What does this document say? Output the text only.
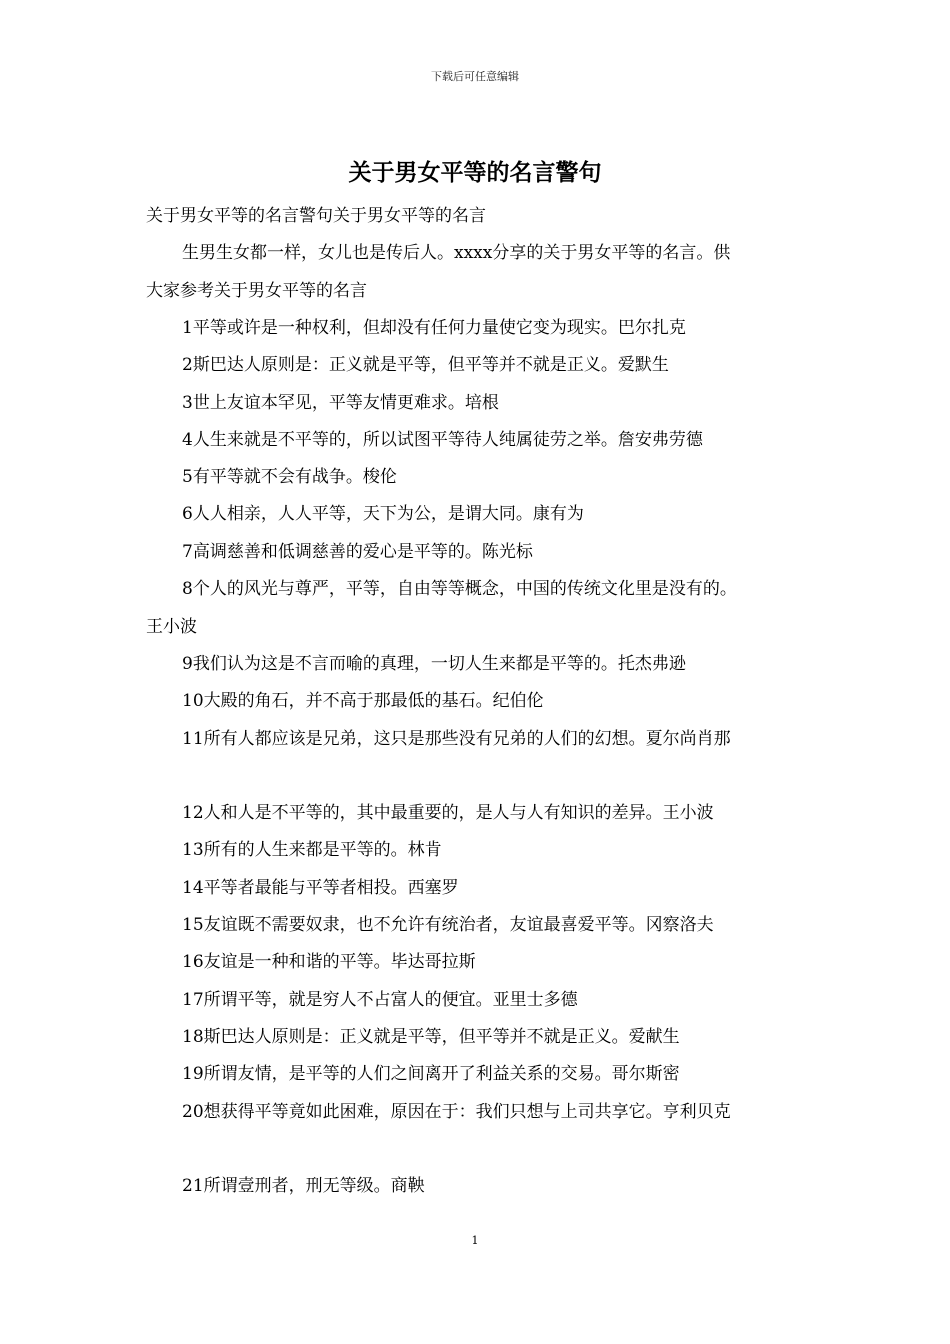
下载后可任意编辑
关于男女平等的名言警句
关于男女平等的名言警句关于男女平等的名言
生男生女都一样，女儿也是传后人。xxxx分享的关于男女平等的名言。供
大家参考关于男女平等的名言
1平等或许是一种权利，但却没有任何力量使它变为现实。巴尔扎克
2斯巴达人原则是：正义就是平等，但平等并不就是正义。爱默生
3世上友谊本罕见，平等友情更难求。培根
4人生来就是不平等的，所以试图平等待人纯属徒劳之举。詹安弗劳德
5有平等就不会有战争。梭伦
6人人相亲，人人平等，天下为公，是谓大同。康有为
7高调慈善和低调慈善的爱心是平等的。陈光标
8个人的风光与尊严，平等，自由等等概念，中国的传统文化里是没有的。
王小波
9我们认为这是不言而喻的真理，一切人生来都是平等的。托杰弗逊
10大殿的角石，并不高于那最低的基石。纪伯伦
11所有人都应该是兄弟，这只是那些没有兄弟的人们的幻想。夏尔尚肖那
12人和人是不平等的，其中最重要的，是人与人有知识的差异。王小波
13所有的人生来都是平等的。林肯
14平等者最能与平等者相投。西塞罗
15友谊既不需要奴隶，也不允许有统治者，友谊最喜爱平等。冈察洛夫
16友谊是一种和谐的平等。毕达哥拉斯
17所谓平等，就是穷人不占富人的便宜。亚里士多德
18斯巴达人原则是：正义就是平等，但平等并不就是正义。爱献生
19所谓友情，是平等的人们之间离开了利益关系的交易。哥尔斯密
20想获得平等竟如此困难，原因在于：我们只想与上司共享它。亨利贝克
21所谓壹刑者，刑无等级。商鞅
1
